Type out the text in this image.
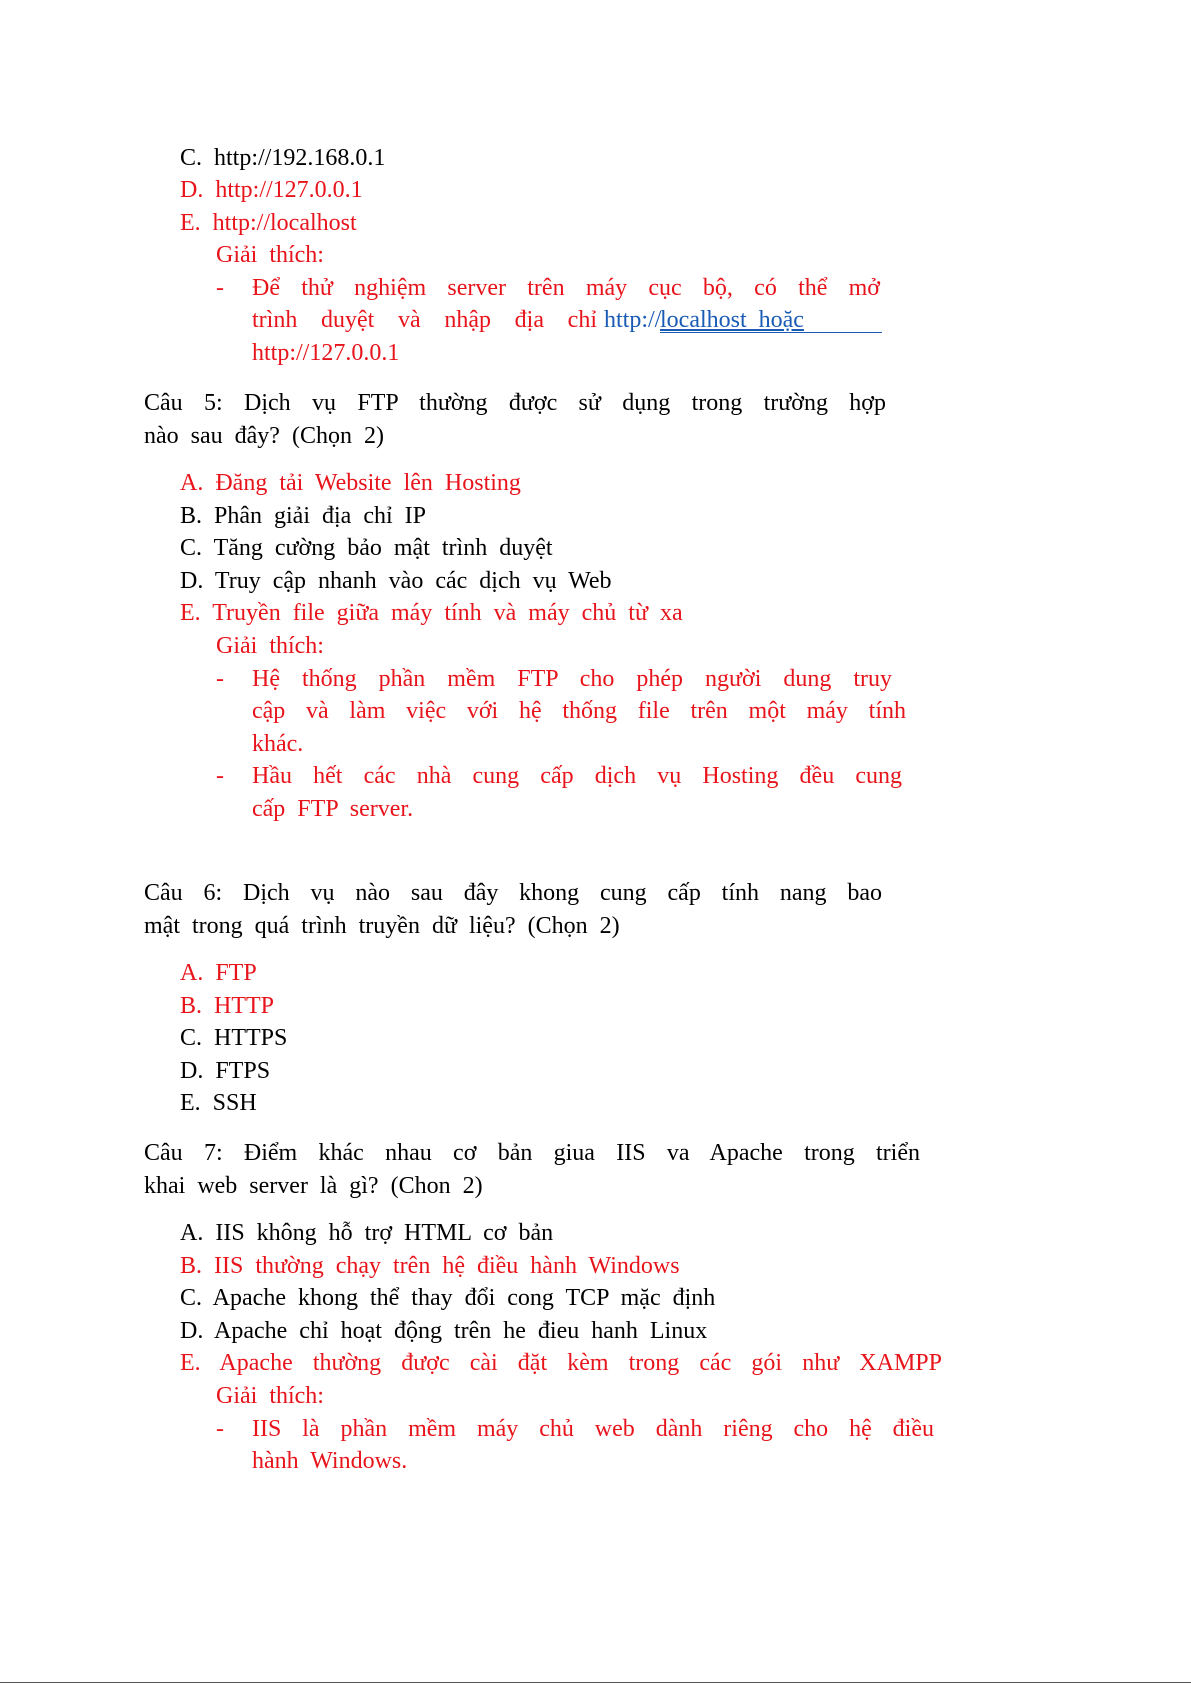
C. http://192.168.0.1
D. http://127.0.0.1
E. http://localhost
Giải thích:
- Để thử nghiệm server trên máy cục bộ, có thể mở
trình duyệt và nhập địa chỉ http://
localhost hoặc
http://127.0.0.1
Câu 5: Dịch vụ FTP thường được sử dụng trong trường hợp
nào sau đây? (Chọn 2)
A. Đăng tải Website lên Hosting
B. Phân giải địa chỉ IP
C. Tăng cường bảo mật trình duyệt
D. Truy cập nhanh vào các dịch vụ Web
E. Truyền file giữa máy tính và máy chủ từ xa
Giải thích:
- Hệ thống phần mềm FTP cho phép người dung truy
cập và làm việc với hệ thống file trên một máy tính
khác.
- Hầu hết các nhà cung cấp dịch vụ Hosting đều cung
cấp FTP server.
Câu 6: Dịch vụ nào sau đây khong cung cấp tính nang bao
mật trong quá trình truyền dữ liệu? (Chọn 2)
A. FTP
B. HTTP
C. HTTPS
D. FTPS
E. SSH
Câu 7: Điểm khác nhau cơ bản giua IIS va Apache trong triển
khai web server là gì? (Chon 2)
A. IIS không hỗ trợ HTML cơ bản
B. IIS thường chạy trên hệ điều hành Windows
C. Apache khong thể thay đổi cong TCP mặc định
D. Apache chỉ hoạt động trên he đieu hanh Linux
E. Apache thường được cài đặt kèm trong các gói như XAMPP
Giải thích:
- IIS là phần mềm máy chủ web dành riêng cho hệ điều
hành Windows.
